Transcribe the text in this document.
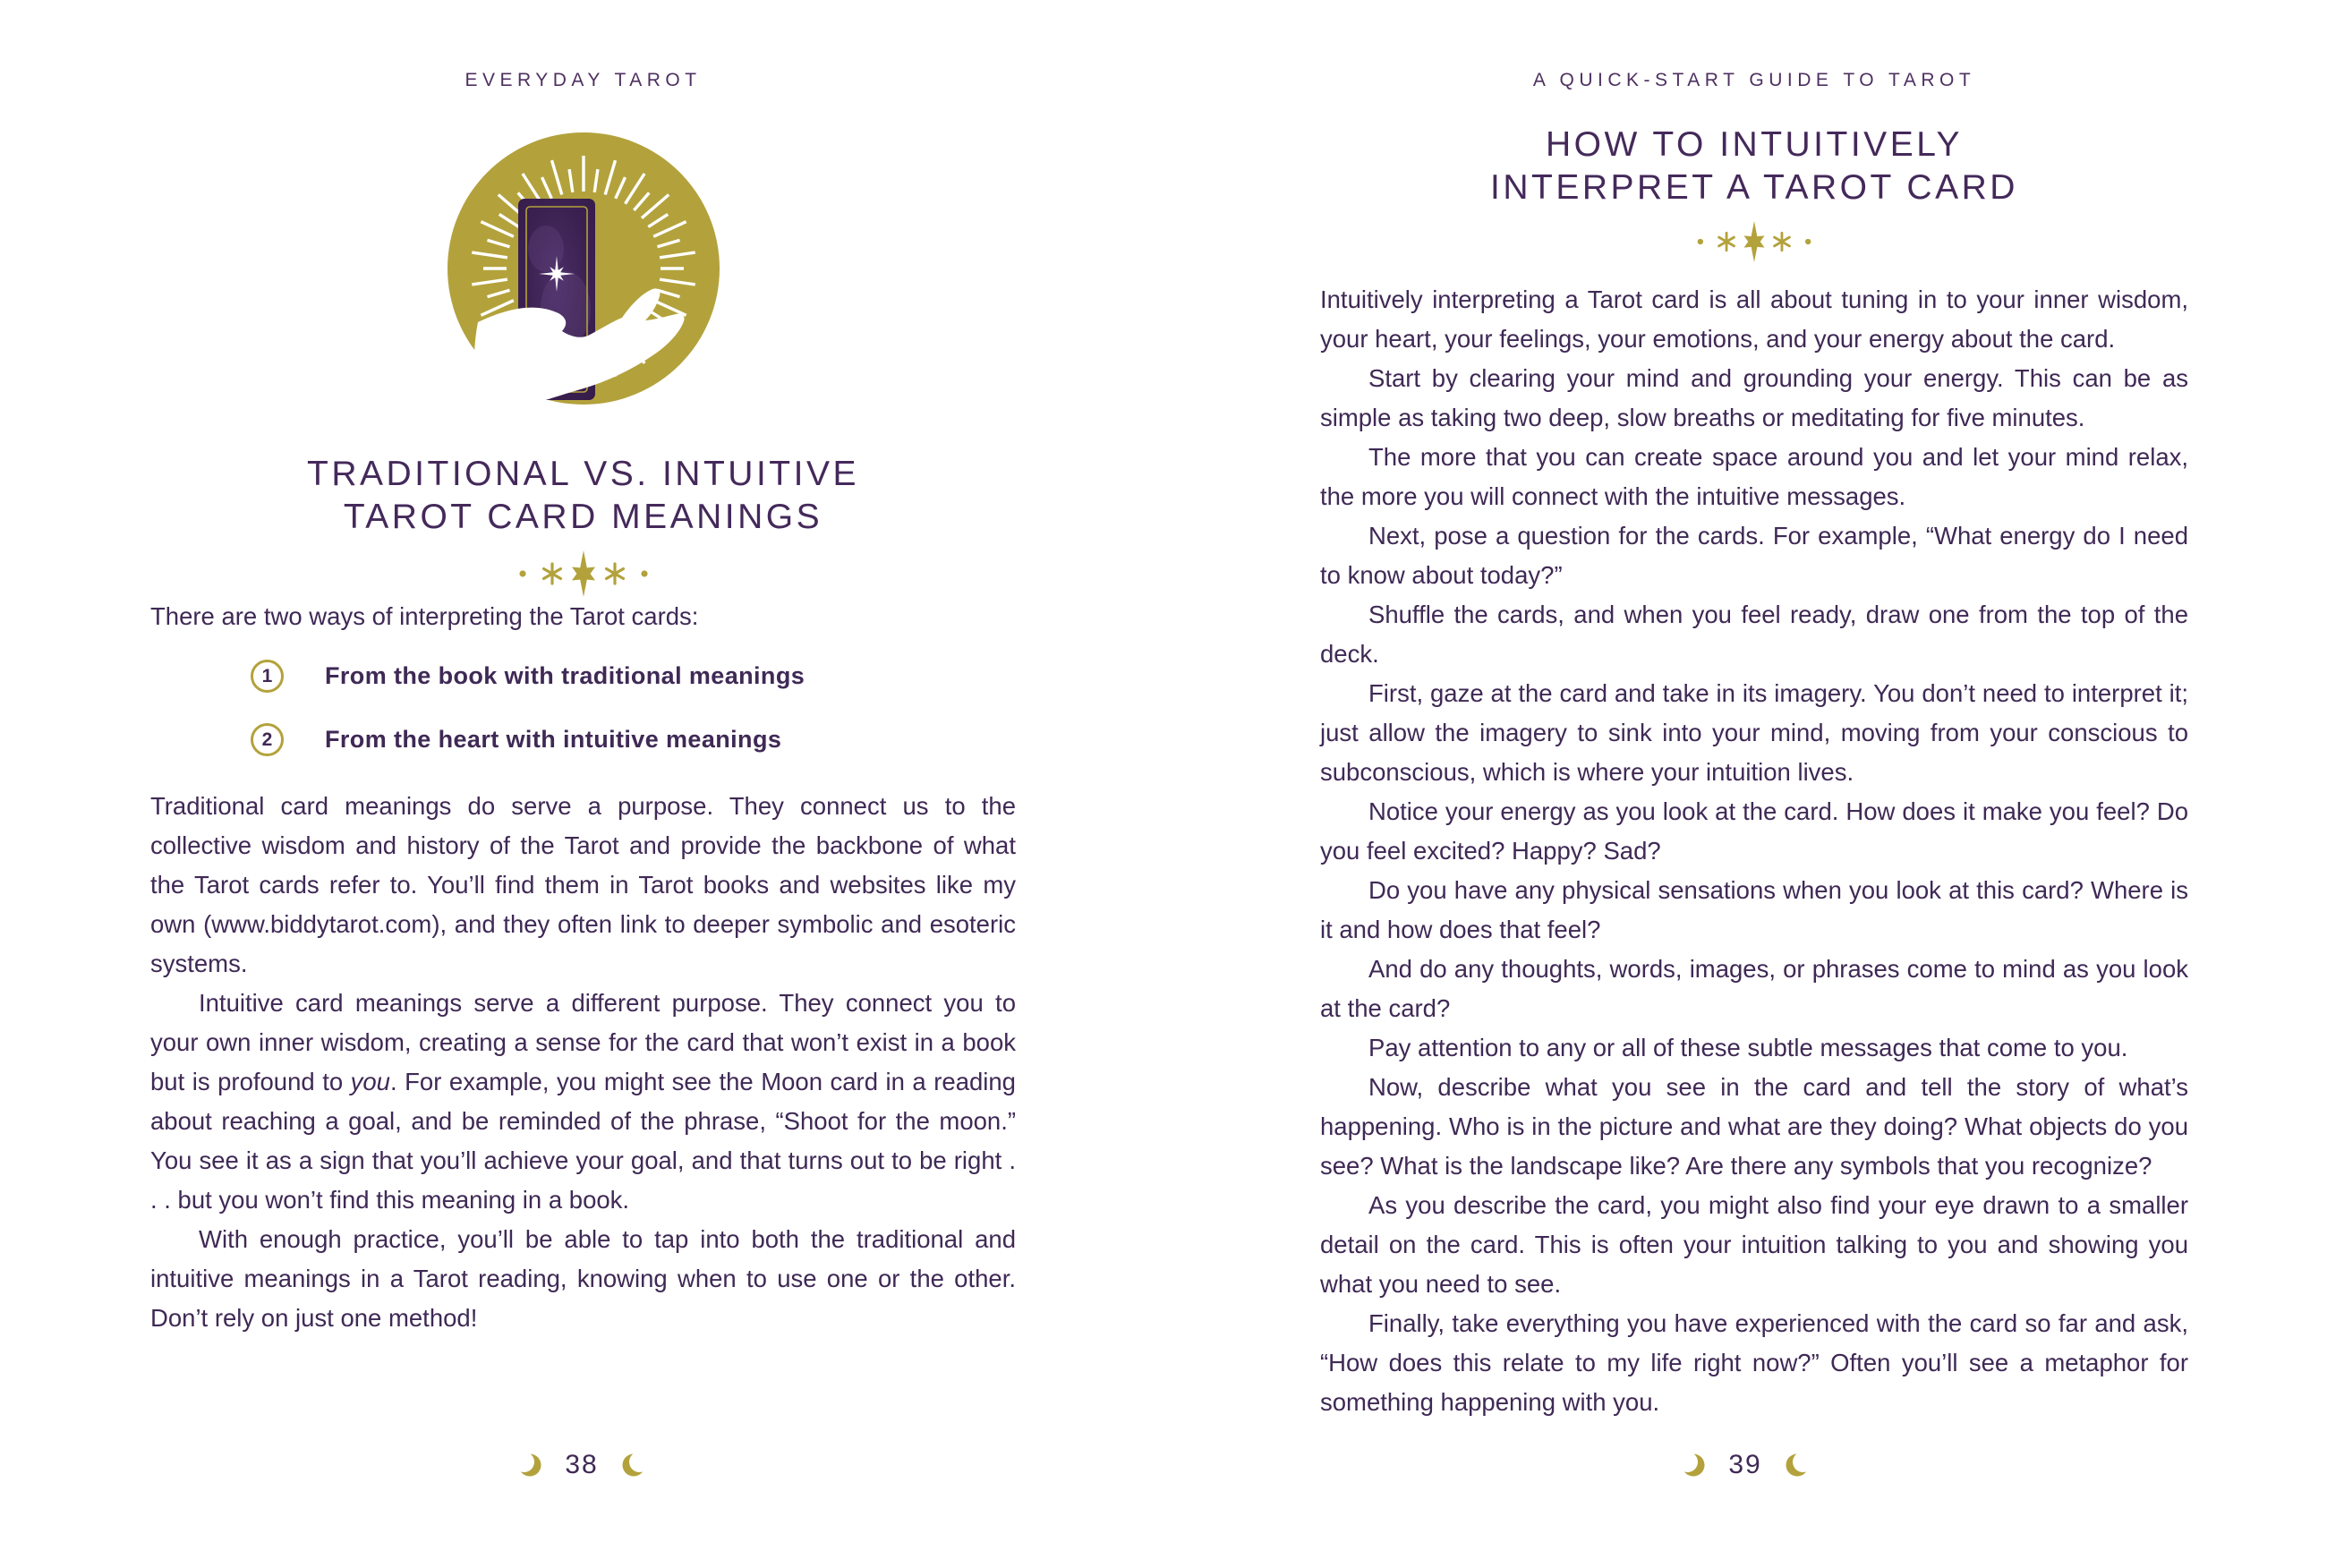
EVERYDAY TAROT
TRADITIONAL VS. INTUITIVE
TAROT CARD MEANINGS

There are two ways of interpreting the Tarot cards:

1	From the book with traditional meanings
2	From the heart with intuitive meanings

Traditional card meanings do serve a purpose. They connect us to the collective wisdom and history of the Tarot and provide the backbone of what the Tarot cards refer to. You’ll find them in Tarot books and websites like my own (www.biddytarot.com), and they often link to deeper symbolic and esoteric systems.

Intuitive card meanings serve a different purpose. They connect you to your own inner wisdom, creating a sense for the card that won’t exist in a book but is profound to you. For example, you might see the Moon card in a reading about reaching a goal, and be reminded of the phrase, “Shoot for the moon.” You see it as a sign that you’ll achieve your goal, and that turns out to be right . . . but you won’t find this meaning in a book.

With enough practice, you’ll be able to tap into both the traditional and intuitive meanings in a Tarot reading, knowing when to use one or the other. Don’t rely on just one method!

38
A QUICK-START GUIDE TO TAROT
HOW TO INTUITIVELY
INTERPRET A TAROT CARD

Intuitively interpreting a Tarot card is all about tuning in to your inner wisdom, your heart, your feelings, your emotions, and your energy about the card.

Start by clearing your mind and grounding your energy. This can be as simple as taking two deep, slow breaths or meditating for five minutes.

The more that you can create space around you and let your mind relax, the more you will connect with the intuitive messages.

Next, pose a question for the cards. For example, “What energy do I need to know about today?”

Shuffle the cards, and when you feel ready, draw one from the top of the deck.

First, gaze at the card and take in its imagery. You don’t need to interpret it; just allow the imagery to sink into your mind, moving from your conscious to subconscious, which is where your intuition lives.

Notice your energy as you look at the card. How does it make you feel? Do you feel excited? Happy? Sad?

Do you have any physical sensations when you look at this card? Where is it and how does that feel?

And do any thoughts, words, images, or phrases come to mind as you look at the card?

Pay attention to any or all of these subtle messages that come to you.

Now, describe what you see in the card and tell the story of what’s happening. Who is in the picture and what are they doing? What objects do you see? What is the landscape like? Are there any symbols that you recognize?

As you describe the card, you might also find your eye drawn to a smaller detail on the card. This is often your intuition talking to you and showing you what you need to see.

Finally, take everything you have experienced with the card so far and ask, “How does this relate to my life right now?” Often you’ll see a metaphor for something happening with you.

39
